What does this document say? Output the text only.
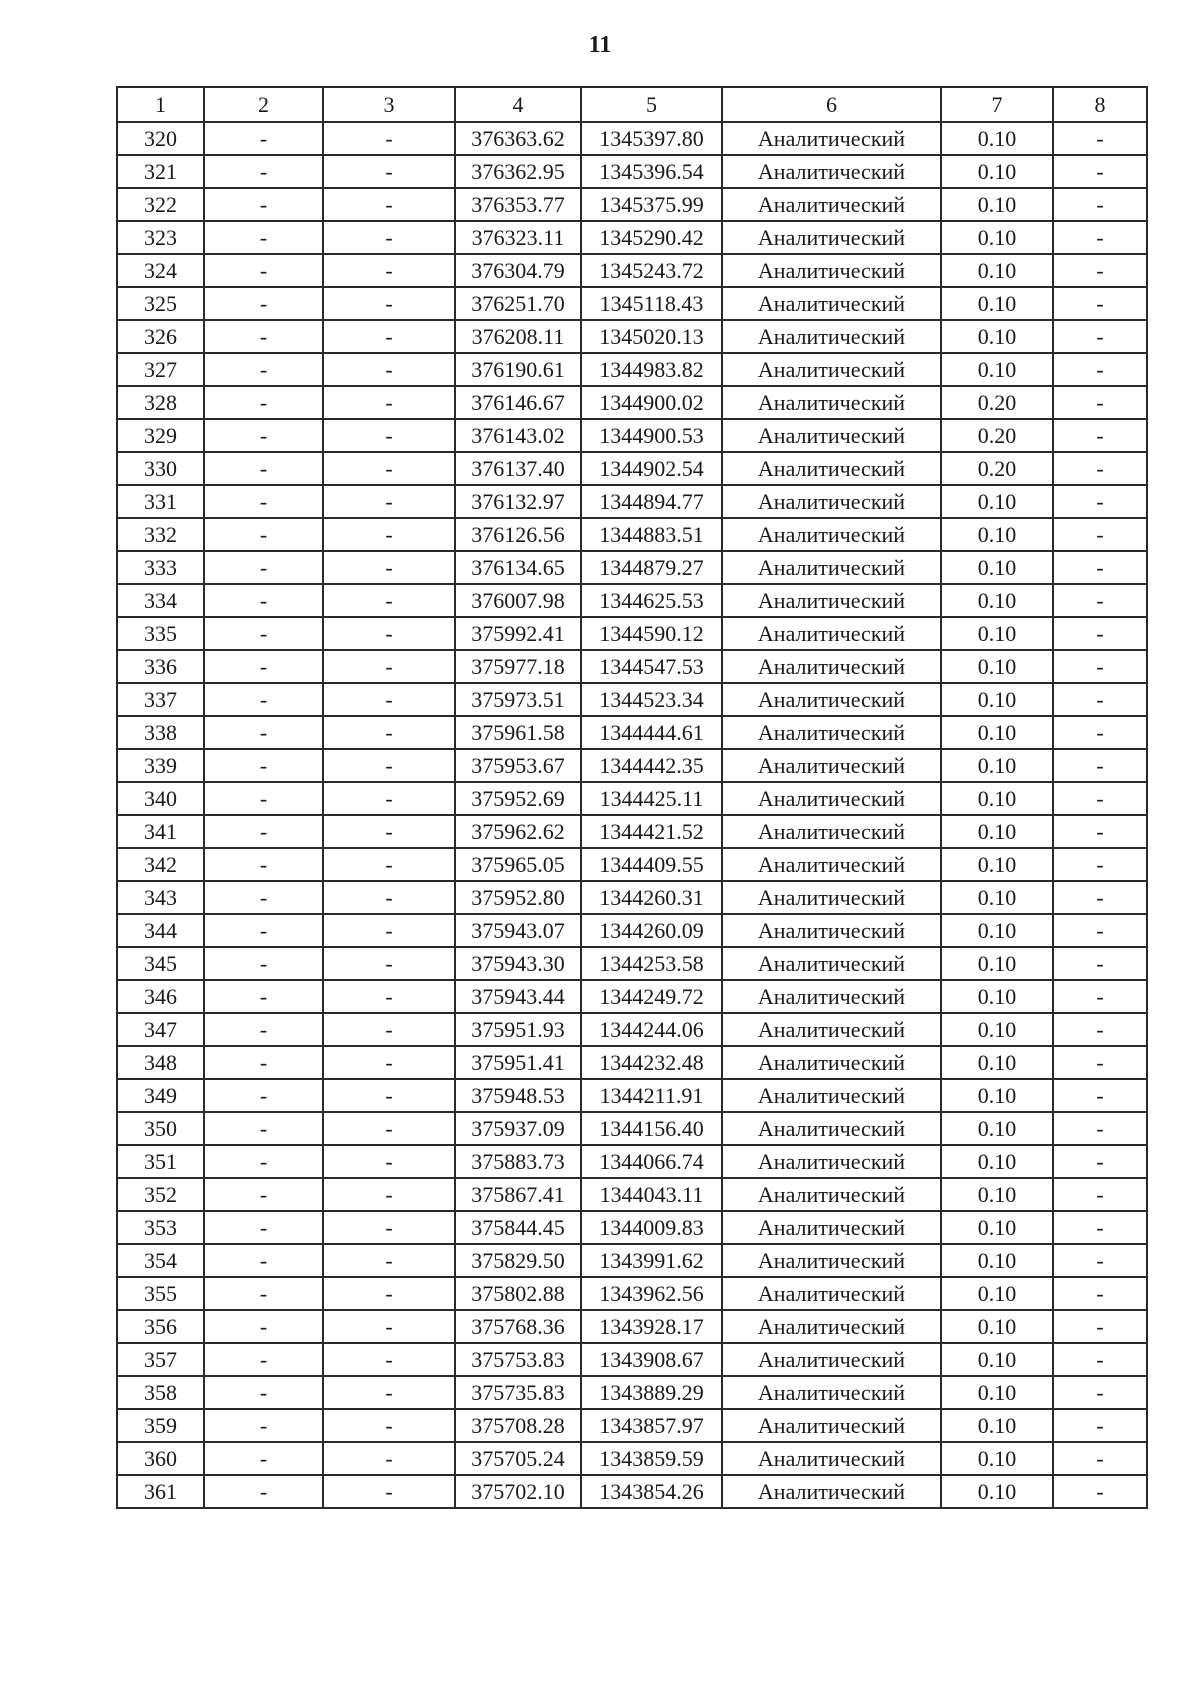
11
1	2	3	4	5	6	7	8
320	-	-	376363.62	1345397.80	Аналитический	0.10	-
321	-	-	376362.95	1345396.54	Аналитический	0.10	-
322	-	-	376353.77	1345375.99	Аналитический	0.10	-
323	-	-	376323.11	1345290.42	Аналитический	0.10	-
324	-	-	376304.79	1345243.72	Аналитический	0.10	-
325	-	-	376251.70	1345118.43	Аналитический	0.10	-
326	-	-	376208.11	1345020.13	Аналитический	0.10	-
327	-	-	376190.61	1344983.82	Аналитический	0.10	-
328	-	-	376146.67	1344900.02	Аналитический	0.20	-
329	-	-	376143.02	1344900.53	Аналитический	0.20	-
330	-	-	376137.40	1344902.54	Аналитический	0.20	-
331	-	-	376132.97	1344894.77	Аналитический	0.10	-
332	-	-	376126.56	1344883.51	Аналитический	0.10	-
333	-	-	376134.65	1344879.27	Аналитический	0.10	-
334	-	-	376007.98	1344625.53	Аналитический	0.10	-
335	-	-	375992.41	1344590.12	Аналитический	0.10	-
336	-	-	375977.18	1344547.53	Аналитический	0.10	-
337	-	-	375973.51	1344523.34	Аналитический	0.10	-
338	-	-	375961.58	1344444.61	Аналитический	0.10	-
339	-	-	375953.67	1344442.35	Аналитический	0.10	-
340	-	-	375952.69	1344425.11	Аналитический	0.10	-
341	-	-	375962.62	1344421.52	Аналитический	0.10	-
342	-	-	375965.05	1344409.55	Аналитический	0.10	-
343	-	-	375952.80	1344260.31	Аналитический	0.10	-
344	-	-	375943.07	1344260.09	Аналитический	0.10	-
345	-	-	375943.30	1344253.58	Аналитический	0.10	-
346	-	-	375943.44	1344249.72	Аналитический	0.10	-
347	-	-	375951.93	1344244.06	Аналитический	0.10	-
348	-	-	375951.41	1344232.48	Аналитический	0.10	-
349	-	-	375948.53	1344211.91	Аналитический	0.10	-
350	-	-	375937.09	1344156.40	Аналитический	0.10	-
351	-	-	375883.73	1344066.74	Аналитический	0.10	-
352	-	-	375867.41	1344043.11	Аналитический	0.10	-
353	-	-	375844.45	1344009.83	Аналитический	0.10	-
354	-	-	375829.50	1343991.62	Аналитический	0.10	-
355	-	-	375802.88	1343962.56	Аналитический	0.10	-
356	-	-	375768.36	1343928.17	Аналитический	0.10	-
357	-	-	375753.83	1343908.67	Аналитический	0.10	-
358	-	-	375735.83	1343889.29	Аналитический	0.10	-
359	-	-	375708.28	1343857.97	Аналитический	0.10	-
360	-	-	375705.24	1343859.59	Аналитический	0.10	-
361	-	-	375702.10	1343854.26	Аналитический	0.10	-
